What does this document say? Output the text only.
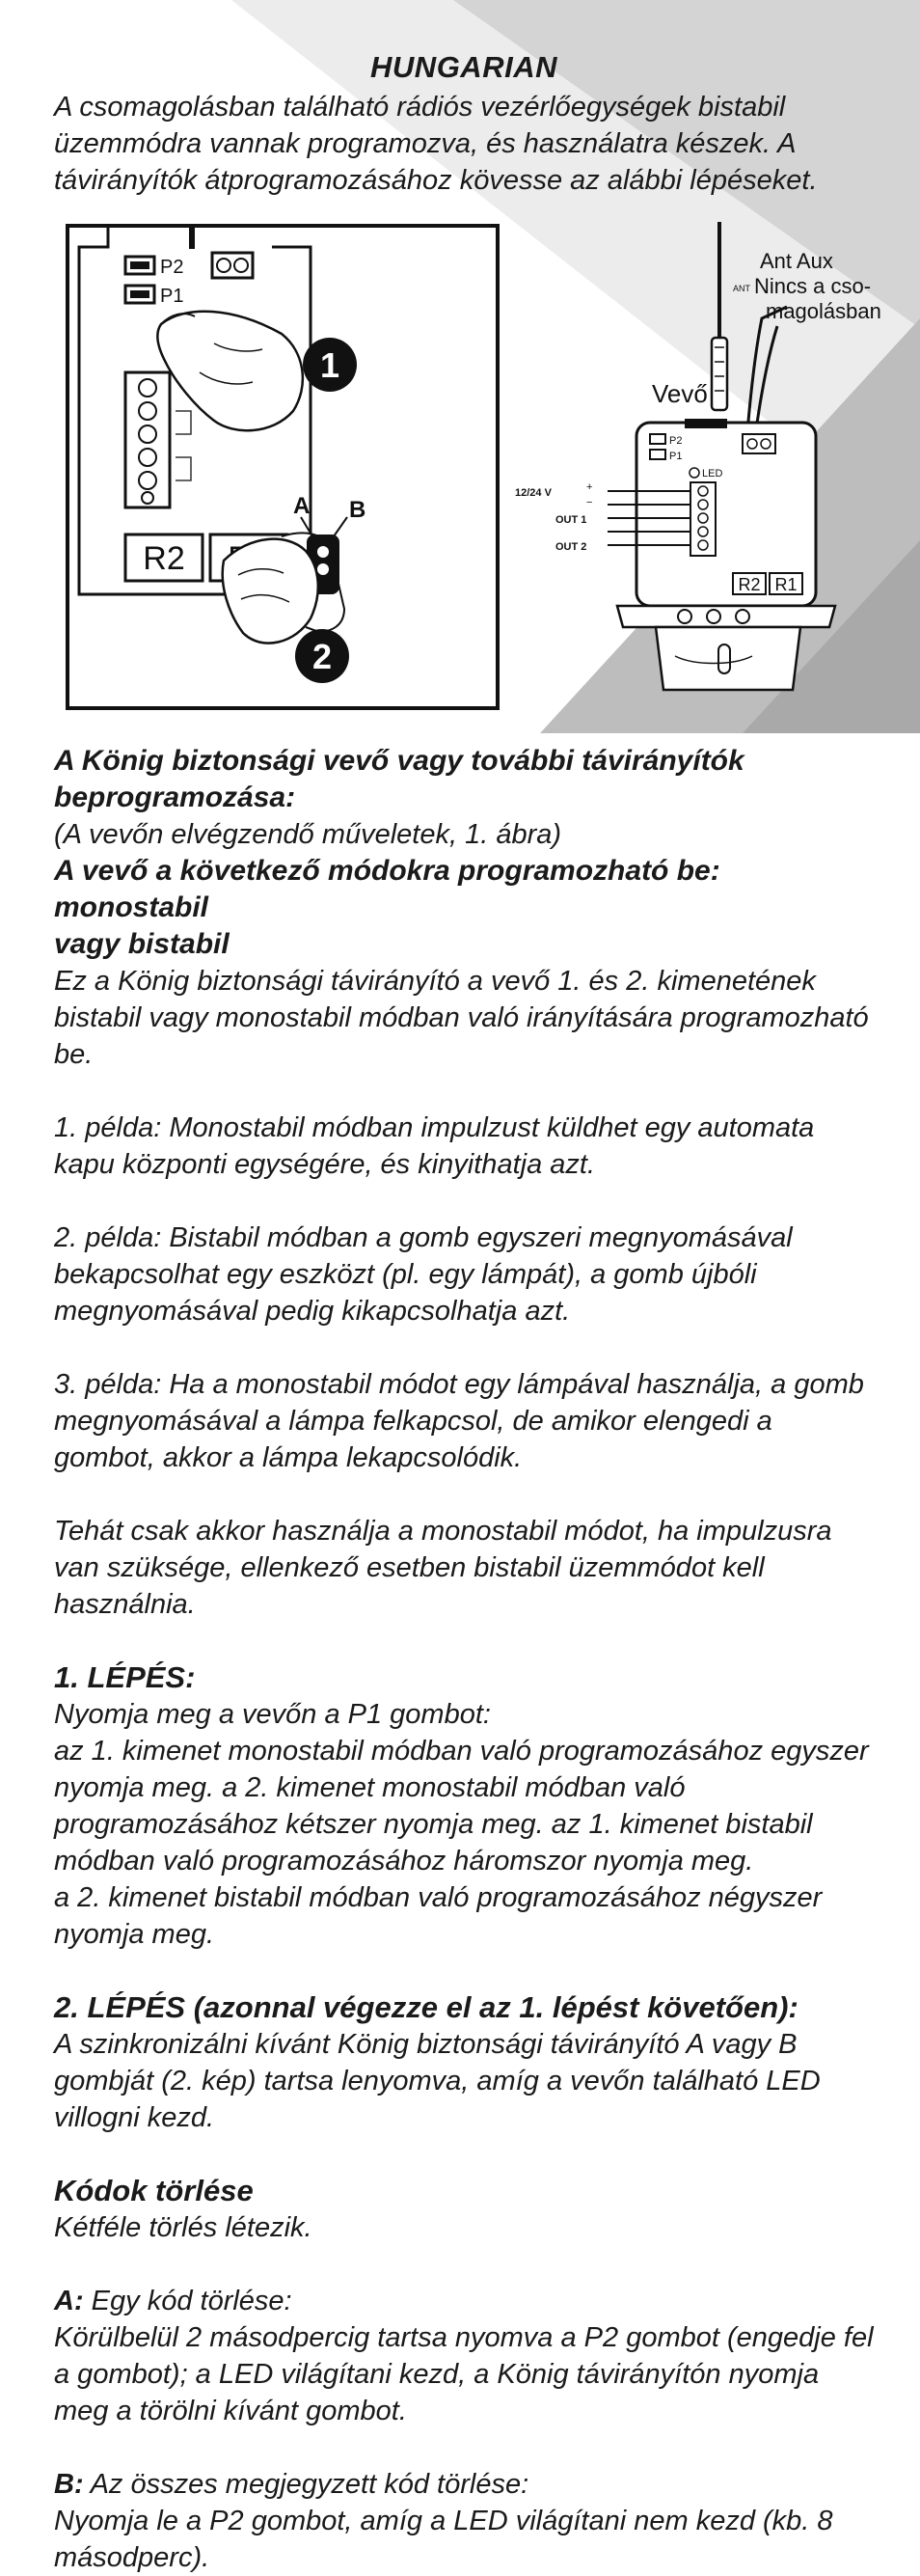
HUNGARIAN
A csomagolásban található rádiós vezérlőegységek bistabil üzemmódra vannak programozva, és használatra készek. A távirányítók átprogramozásához kövesse az alábbi lépéseket.
P2
P1
R2
1
A B
2
Ant Aux
Nincs a cso-
magolásban
ANT
Vevő
P2
P1
LED
12/24 V	+
−
OUT 1
OUT 2
R2 R1

A König biztonsági vevő vagy további távirányítók

beprogramozása:

(A vevőn elvégzendő műveletek, 1. ábra)

A vevő a következő módokra programozható be: monostabil

vagy bistabil

Ez a König biztonsági távirányító a vevő 1. és 2. kimenetének bistabil vagy monostabil módban való irányítására programozható be.

1. példa: Monostabil módban impulzust küldhet egy automata kapu központi egységére, és kinyithatja azt.

2. példa: Bistabil módban a gomb egyszeri megnyomásával bekapcsolhat egy eszközt (pl. egy lámpát), a gomb újbóli megnyomásával pedig kikapcsolhatja azt.

3. példa: Ha a monostabil módot egy lámpával használja, a gomb megnyomásával a lámpa felkapcsol, de amikor elengedi a gombot, akkor a lámpa lekapcsolódik.

Tehát csak akkor használja a monostabil módot, ha impulzusra van szüksége, ellenkező esetben bistabil üzemmódot kell használnia.

1. LÉPÉS:

Nyomja meg a vevőn a P1 gombot:

az 1. kimenet monostabil módban való programozásához egyszer nyomja meg. a 2. kimenet monostabil módban való programozásához kétszer nyomja meg. az 1. kimenet bistabil módban való programozásához háromszor nyomja meg.

a 2. kimenet bistabil módban való programozásához négyszer nyomja meg.

2. LÉPÉS (azonnal végezze el az 1. lépést követően):

A szinkronizálni kívánt König biztonsági távirányító A vagy B gombját (2. kép) tartsa lenyomva, amíg a vevőn található LED villogni kezd.

Kódok törlése

Kétféle törlés létezik.

A: Egy kód törlése:

Körülbelül 2 másodpercig tartsa nyomva a P2 gombot (engedje fel a gombot); a LED világítani kezd, a König távirányítón nyomja meg a törölni kívánt gombot.

B: Az összes megjegyzett kód törlése:

Nyomja le a P2 gombot, amíg a LED világítani nem kezd (kb. 8 másodperc).
